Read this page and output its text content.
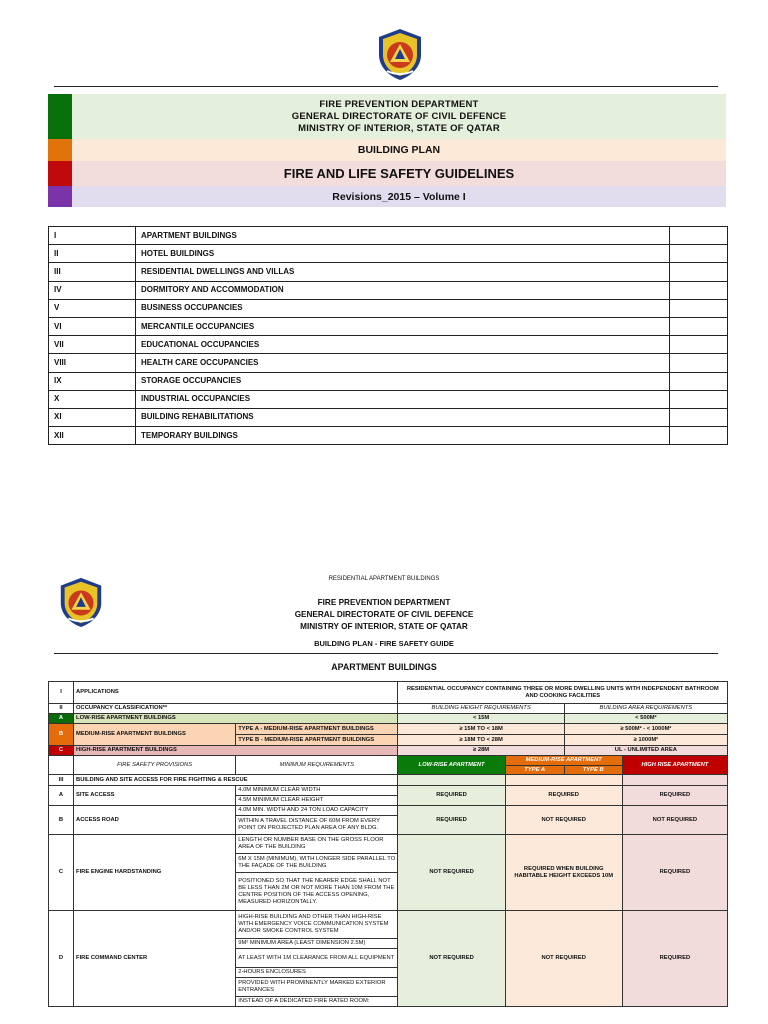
FIRE PREVENTION DEPARTMENT
GENERAL DIRECTORATE OF CIVIL DEFENCE
MINISTRY OF INTERIOR, STATE OF QATAR
BUILDING PLAN
FIRE AND LIFE SAFETY GUIDELINES
Revisions_2015 – Volume I
I	APARTMENT BUILDINGS	
II	HOTEL BUILDINGS	
III	RESIDENTIAL DWELLINGS AND VILLAS	
IV	DORMITORY AND ACCOMMODATION	
V	BUSINESS OCCUPANCIES	
VI	MERCANTILE OCCUPANCIES	
VII	EDUCATIONAL OCCUPANCIES	
VIII	HEALTH CARE OCCUPANCIES	
IX	STORAGE OCCUPANCIES	
X	INDUSTRIAL OCCUPANCIES	
XI	BUILDING REHABILITATIONS	
XII	TEMPORARY BUILDINGS	
RESIDENTIAL APARTMENT BUILDINGS
FIRE PREVENTION DEPARTMENT
GENERAL DIRECTORATE OF CIVIL DEFENCE
MINISTRY OF INTERIOR, STATE OF QATAR
BUILDING PLAN - FIRE SAFETY GUIDE
APARTMENT BUILDINGS
I	APPLICATIONS		RESIDENTIAL OCCUPANCY CONTAINING THREE OR MORE DWELLING UNITS WITH INDEPENDENT BATHROOM AND COOKING FACILITIES			
II	OCCUPANCY CLASSIFICATION**		BUILDING HEIGHT REQUIREMENTS		BUILDING AREA REQUIREMENTS	
A	LOW-RISE APARTMENT BUILDINGS		< 15M		< 500M²	
B	MEDIUM-RISE APARTMENT BUILDINGS	TYPE A - MEDIUM-RISE APARTMENT BUILDINGS	≥ 15M TO < 18M		≥ 500M² - < 1000M²	
		TYPE B - MEDIUM-RISE APARTMENT BUILDINGS	≥ 18M TO < 28M		≥ 1000M²	
C	HIGH-RISE APARTMENT BUILDINGS		≥ 28M		UL - UNLIMITED AREA	
	FIRE SAFETY PROVISIONS	MINIMUM REQUIREMENTS	LOW-RISE APARTMENT	MEDIUM-RISE APARTMENT		HIGH RISE APARTMENT
				TYPE A	TYPE B	
III	BUILDING AND SITE ACCESS FOR FIRE FIGHTING & RESCUE					
A	SITE ACCESS	4.0M MINIMUM CLEAR WIDTH	REQUIRED	REQUIRED		REQUIRED
		4.5M MINIMUM CLEAR HEIGHT				
B	ACCESS ROAD	4.0M MIN. WIDTH AND 24 TON LOAD CAPACITY	REQUIRED	NOT REQUIRED		NOT REQUIRED
		WITHIN A TRAVEL DISTANCE OF 60M FROM EVERY POINT ON PROJECTED PLAN AREA OF ANY BLDG.				
C	FIRE ENGINE HARDSTANDING	LENGTH OR NUMBER BASE ON THE GROSS FLOOR AREA OF THE BUILDING	NOT REQUIRED	REQUIRED WHEN BUILDING HABITABLE HEIGHT EXCEEDS 10M		REQUIRED
		6M X 15M (MINIMUM), WITH LONGER SIDE PARALLEL TO THE FAÇADE OF THE BUILDING				
		POSITIONED SO THAT THE NEARER EDGE SHALL NOT BE LESS THAN 2M OR NOT MORE THAN 10M FROM THE CENTRE POSITION OF THE ACCESS OPENING, MEASURED HORIZONTALLY.				
D	FIRE COMMAND CENTER	HIGH-RISE BUILDING AND OTHER THAN HIGH-RISE WITH EMERGENCY VOICE COMMUNICATION SYSTEM AND/OR SMOKE CONTROL SYSTEM	NOT REQUIRED	NOT REQUIRED		REQUIRED
		9M² MINIMUM AREA (LEAST DIMENSION 2.5M)				
		AT LEAST WITH 1M CLEARANCE FROM ALL EQUIPMENT				
		2-HOURS ENCLOSURES				
		PROVIDED WITH PROMINENTLY MARKED EXTERIOR ENTRANCES				
		INSTEAD OF A DEDICATED FIRE RATED ROOM:				
